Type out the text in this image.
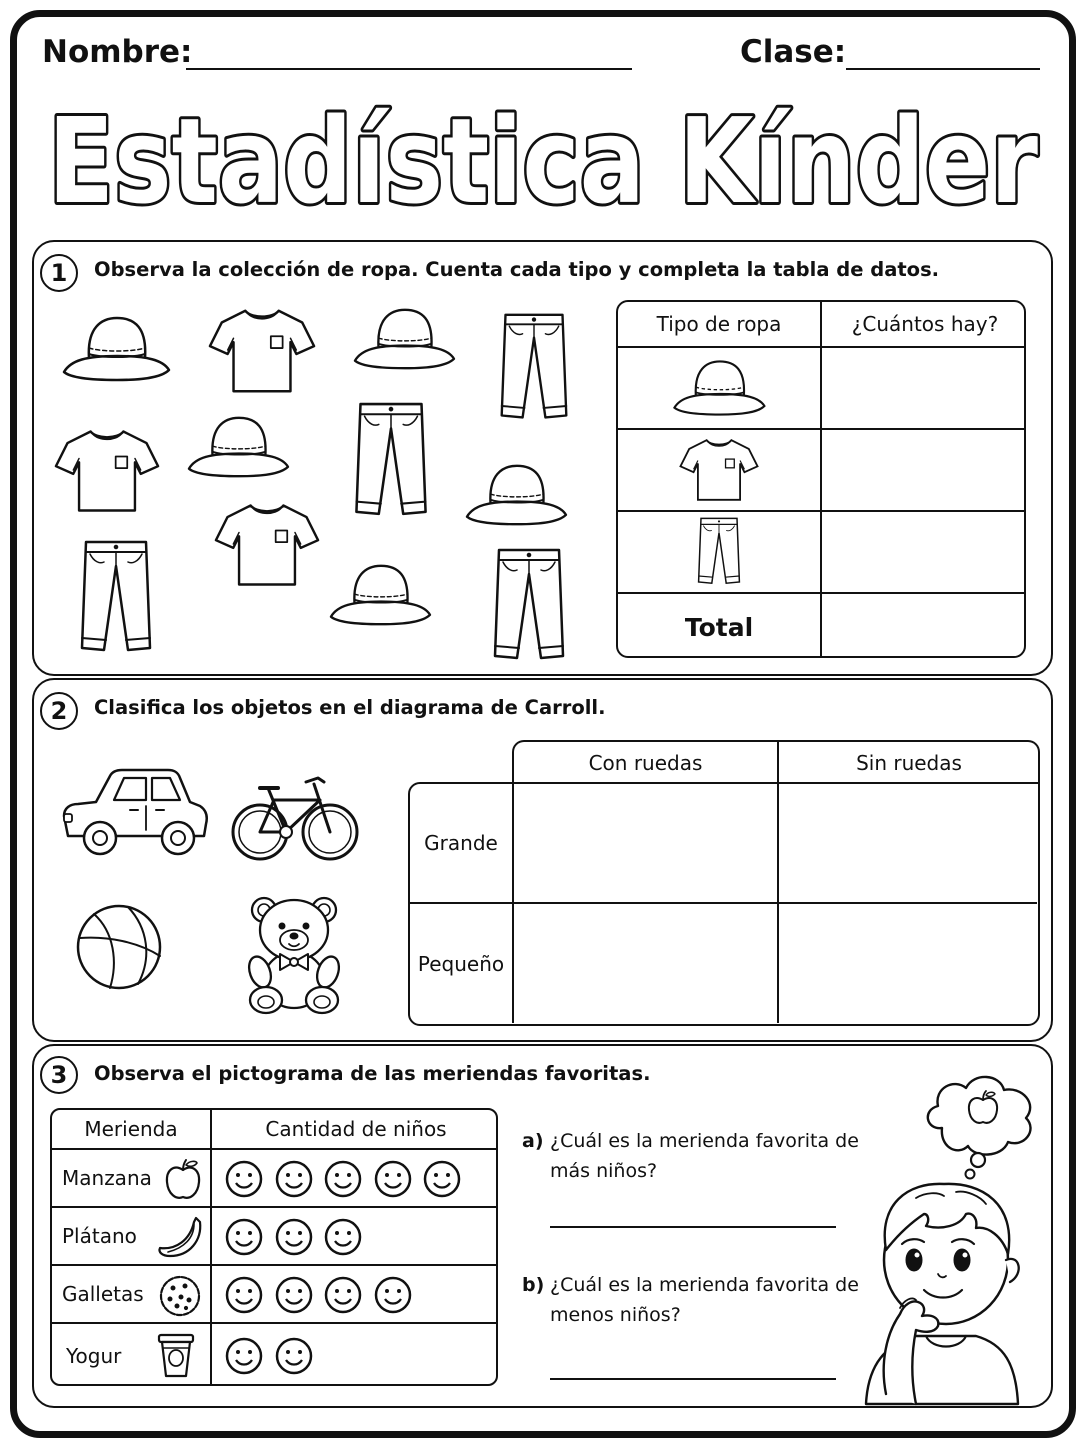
Nombre:	Clase:
Estadística Kínder
1	Observa la colección de ropa. Cuenta cada tipo y completa la tabla de datos.
Tipo de ropa	¿Cuántos hay?
Total
2	Clasifica los objetos en el diagrama de Carroll.
Con ruedas	Sin ruedas
Grande
Pequeño
3	Observa el pictograma de las meriendas favoritas.
Merienda	Cantidad de niños
Manzana
Plátano
Galletas
Yogur
a) ¿Cuál es la merienda favorita de
más niños?
b) ¿Cuál es la merienda favorita de
menos niños?
